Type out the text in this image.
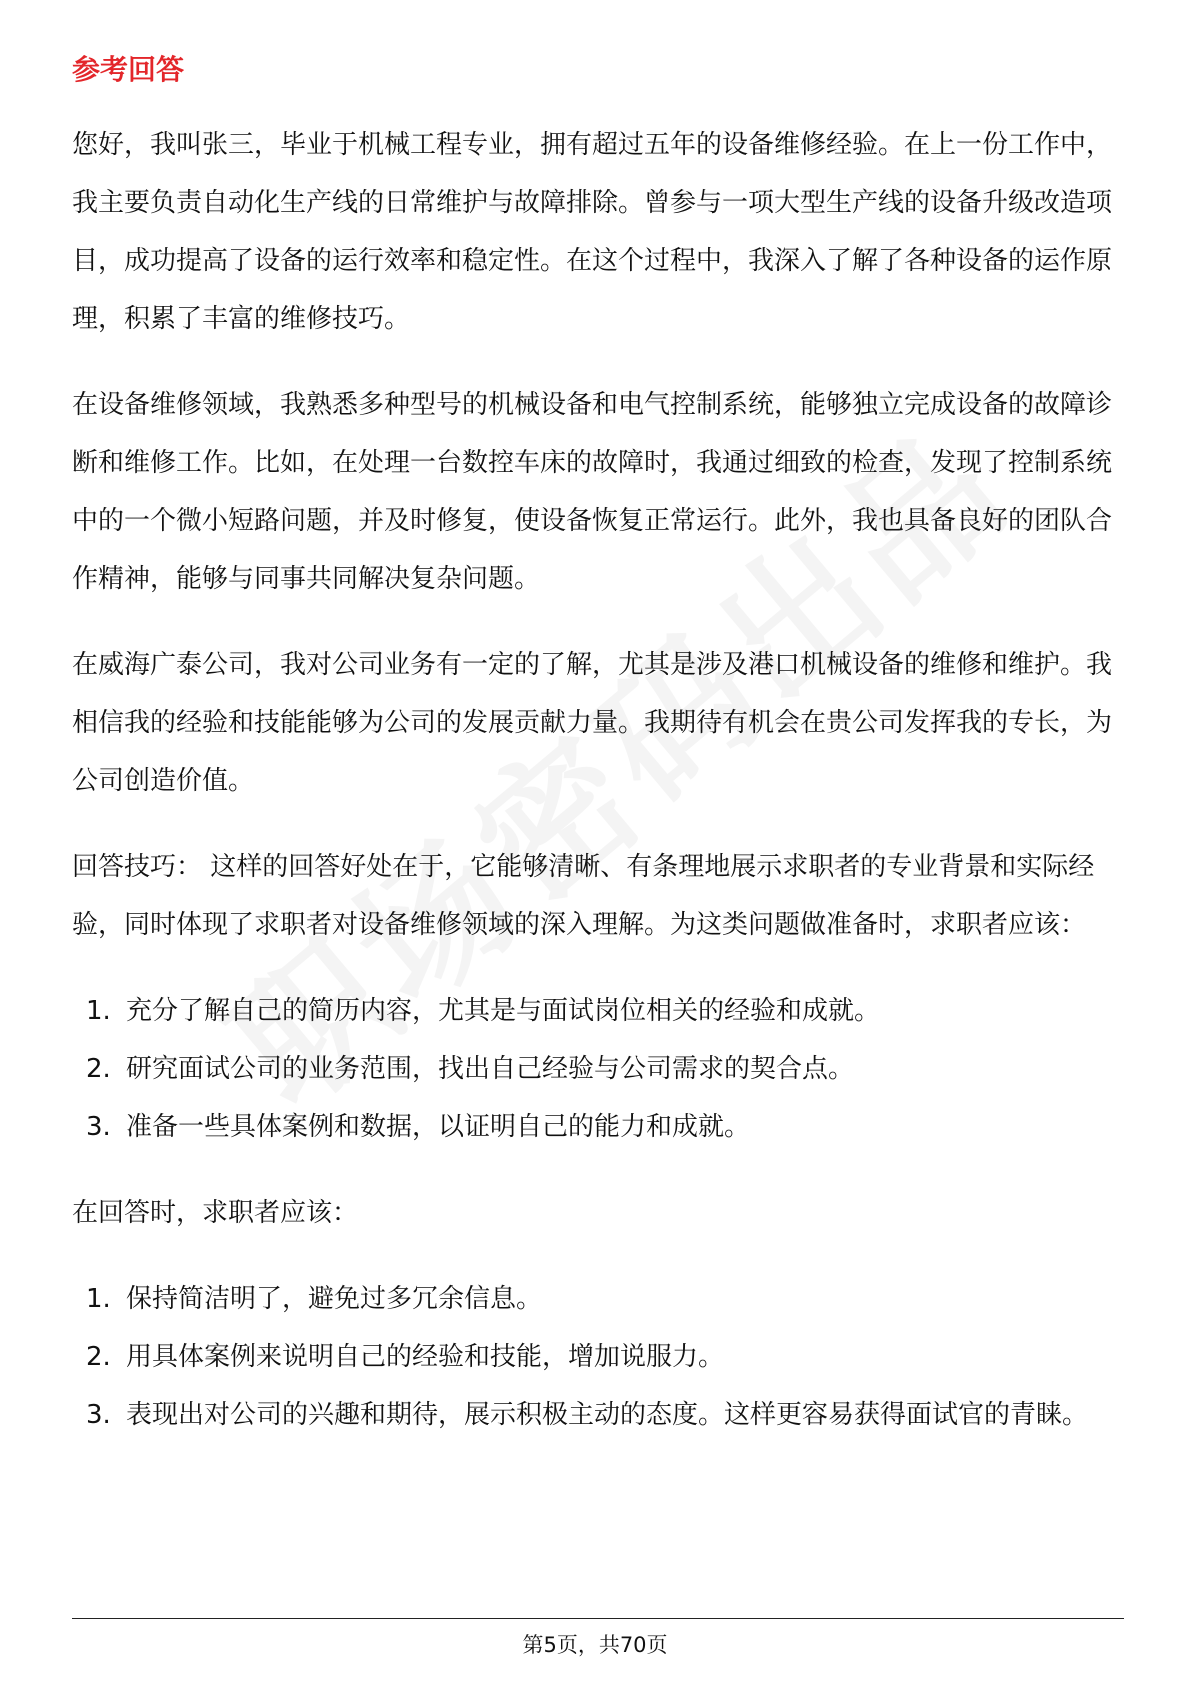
参考回答

您好，我叫张三，毕业于机械工程专业，拥有超过五年的设备维修经验。在上一份工作中，我主要负责自动化生产线的日常维护与故障排除。曾参与一项大型生产线的设备升级改造项目，成功提高了设备的运行效率和稳定性。在这个过程中，我深入了解了各种设备的运作原理，积累了丰富的维修技巧。

在设备维修领域，我熟悉多种型号的机械设备和电气控制系统，能够独立完成设备的故障诊断和维修工作。比如，在处理一台数控车床的故障时，我通过细致的检查，发现了控制系统中的一个微小短路问题，并及时修复，使设备恢复正常运行。此外，我也具备良好的团队合作精神，能够与同事共同解决复杂问题。

在威海广泰公司，我对公司业务有一定的了解，尤其是涉及港口机械设备的维修和维护。我相信我的经验和技能能够为公司的发展贡献力量。我期待有机会在贵公司发挥我的专长，为公司创造价值。

回答技巧： 这样的回答好处在于，它能够清晰、有条理地展示求职者的专业背景和实际经验，同时体现了求职者对设备维修领域的深入理解。为这类问题做准备时，求职者应该：

1. 充分了解自己的简历内容，尤其是与面试岗位相关的经验和成就。
2. 研究面试公司的业务范围，找出自己经验与公司需求的契合点。
3. 准备一些具体案例和数据，以证明自己的能力和成就。

在回答时，求职者应该：

1. 保持简洁明了，避免过多冗余信息。
2. 用具体案例来说明自己的经验和技能，增加说服力。
3. 表现出对公司的兴趣和期待，展示积极主动的态度。这样更容易获得面试官的青睐。
第5页，共70页
